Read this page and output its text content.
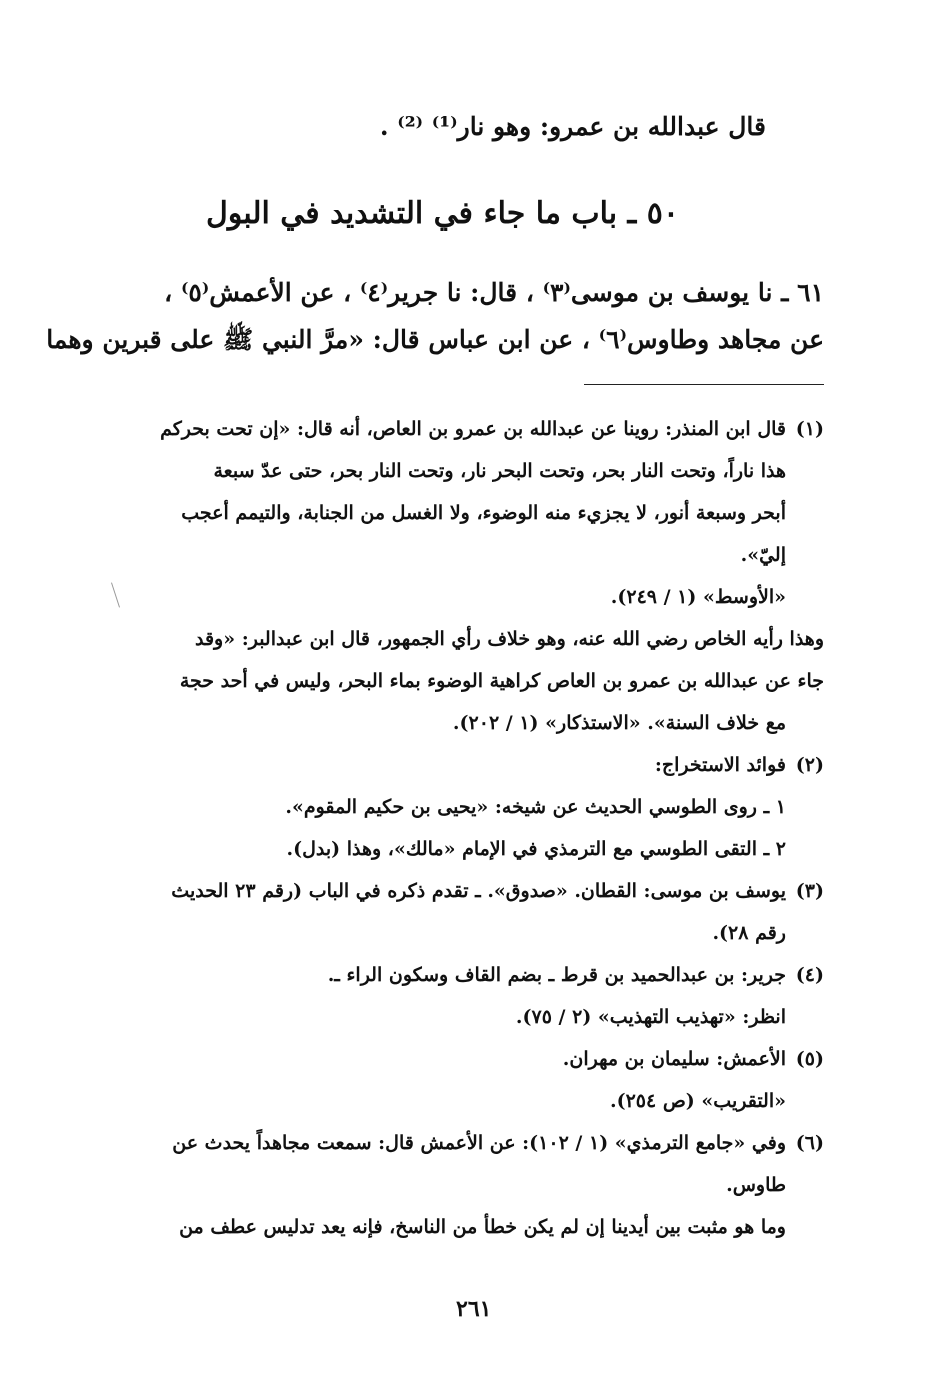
قال عبدالله بن عمرو: وهو نار⁽¹⁾ ⁽²⁾ .
٥٠ ـ باب ما جاء في التشديد في البول
٦١ ـ نا يوسف بن موسى⁽٣⁾ ، قال: نا جرير⁽٤⁾ ، عن الأعمش⁽٥⁾ ،
عن مجاهد وطاوس⁽٦⁾ ، عن ابن عباس قال: «مرَّ النبي ﷺ على قبرين وهما
(١)
قال ابن المنذر: روينا عن عبدالله بن عمرو بن العاص، أنه قال: «إن تحت بحركم
هذا ناراً، وتحت النار بحر، وتحت البحر نار، وتحت النار بحر، حتى عدّ سبعة
أبحر وسبعة أنور، لا يجزيء منه الوضوء، ولا الغسل من الجنابة، والتيمم أعجب
إليّ».
«الأوسط» (١ / ٢٤٩).
وهذا رأيه الخاص رضي الله عنه، وهو خلاف رأي الجمهور، قال ابن عبدالبر: «وقد
جاء عن عبدالله بن عمرو بن العاص كراهية الوضوء بماء البحر، وليس في أحد حجة
مع خلاف السنة». «الاستذكار» (١ / ٢٠٢).
(٢)
فوائد الاستخراج:
١ ـ روى الطوسي الحديث عن شيخه: «يحيى بن حكيم المقوم».
٢ ـ التقى الطوسي مع الترمذي في الإمام «مالك»، وهذا (بدل).
(٣)
يوسف بن موسى: القطان. «صدوق». ـ تقدم ذكره في الباب (رقم ٢٣ الحديث
رقم ٢٨).
(٤)
جرير: بن عبدالحميد بن قرط ـ بضم القاف وسكون الراء ـ.
انظر: «تهذيب التهذيب» (٢ / ٧٥).
(٥)
الأعمش: سليمان بن مهران.
«التقريب» (ص ٢٥٤).
(٦)
وفي «جامع الترمذي» (١ / ١٠٢): عن الأعمش قال: سمعت مجاهداً يحدث عن
طاوس.
وما هو مثبت بين أيدينا إن لم يكن خطأ من الناسخ، فإنه يعد تدليس عطف من
٢٦١
